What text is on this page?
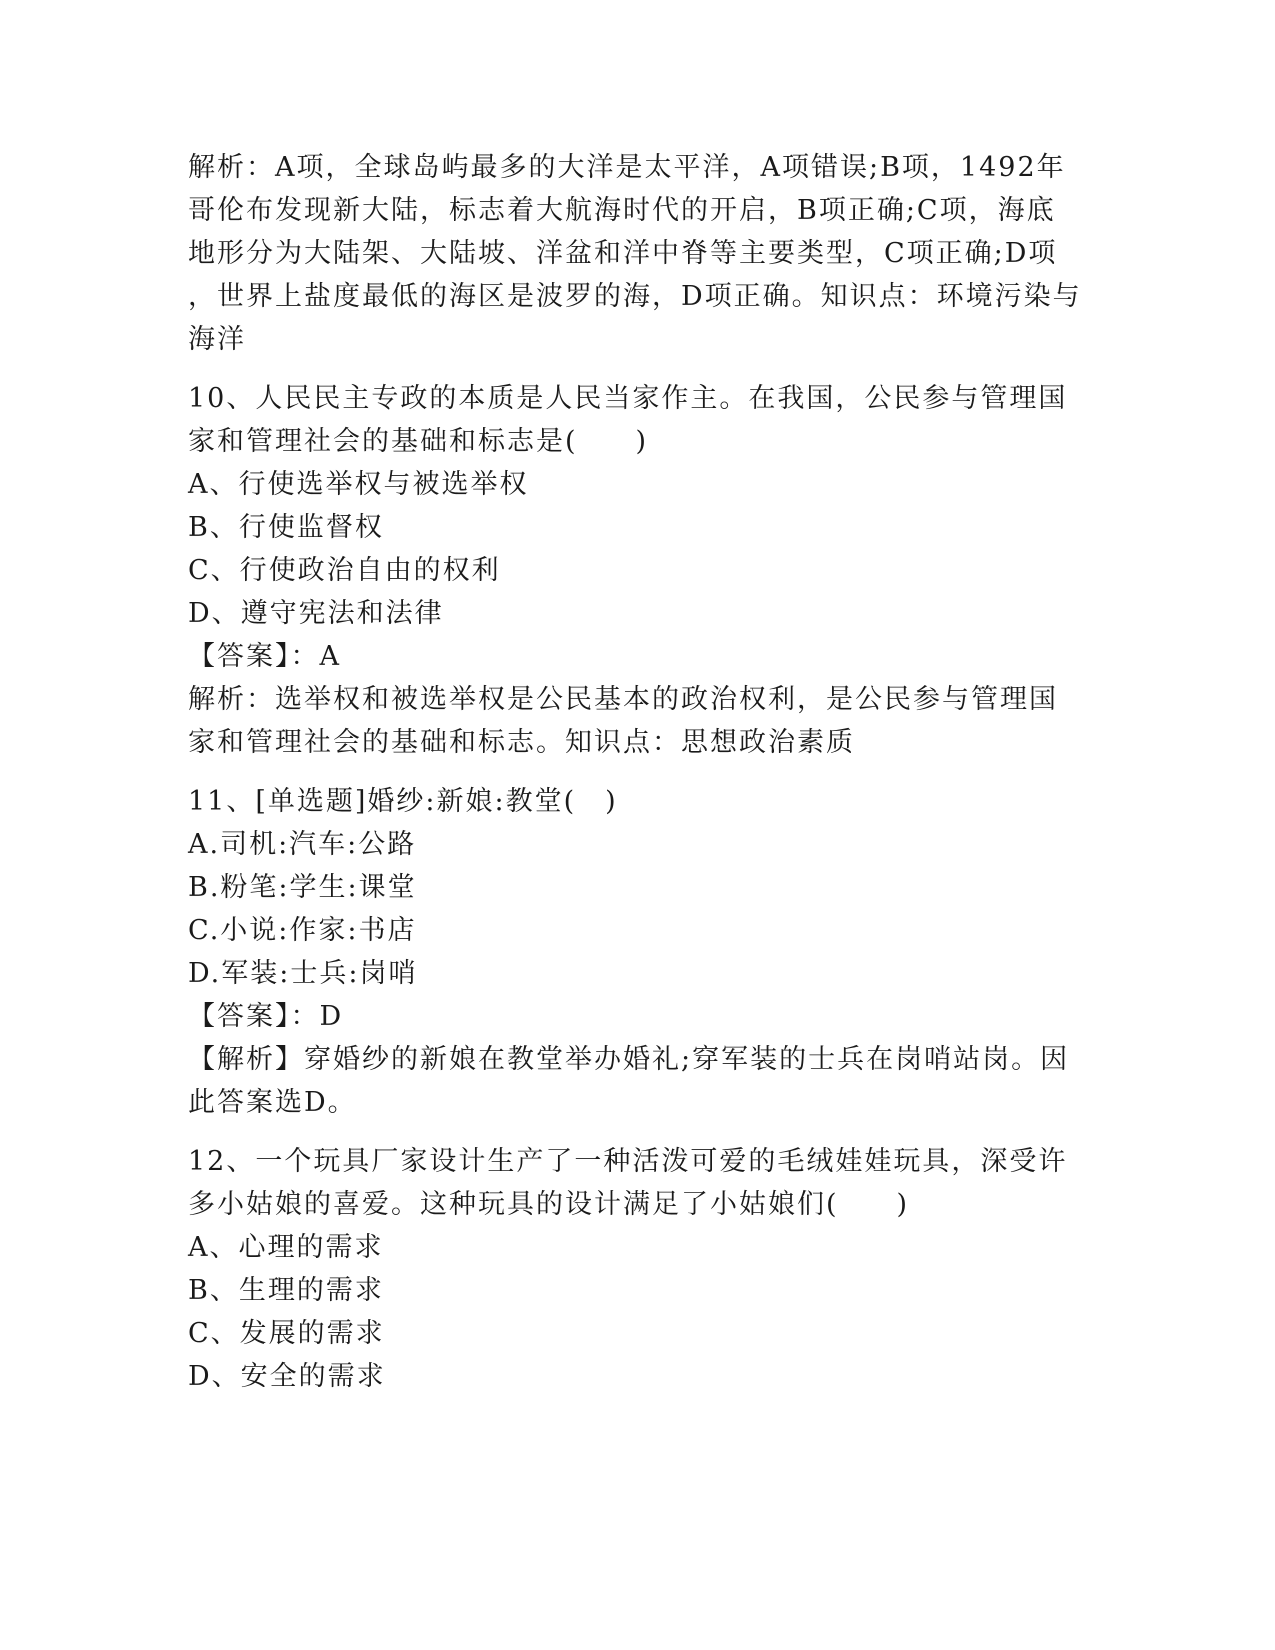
解析：A项，全球岛屿最多的大洋是太平洋，A项错误;B项，1492年
哥伦布发现新大陆，标志着大航海时代的开启，B项正确;C项，海底
地形分为大陆架、大陆坡、洋盆和洋中脊等主要类型，C项正确;D项
，世界上盐度最低的海区是波罗的海，D项正确。知识点：环境污染与
海洋
10、人民民主专政的本质是人民当家作主。在我国，公民参与管理国
家和管理社会的基础和标志是(　　)
A、行使选举权与被选举权
B、行使监督权
C、行使政治自由的权利
D、遵守宪法和法律
【答案】：A
解析：选举权和被选举权是公民基本的政治权利，是公民参与管理国
家和管理社会的基础和标志。知识点：思想政治素质
11、[单选题]婚纱:新娘:教堂(　)
A.司机:汽车:公路
B.粉笔:学生:课堂
C.小说:作家:书店
D.军装:士兵:岗哨
【答案】：D
【解析】穿婚纱的新娘在教堂举办婚礼;穿军装的士兵在岗哨站岗。因
此答案选D。
12、一个玩具厂家设计生产了一种活泼可爱的毛绒娃娃玩具，深受许
多小姑娘的喜爱。这种玩具的设计满足了小姑娘们(　　)
A、心理的需求
B、生理的需求
C、发展的需求
D、安全的需求
